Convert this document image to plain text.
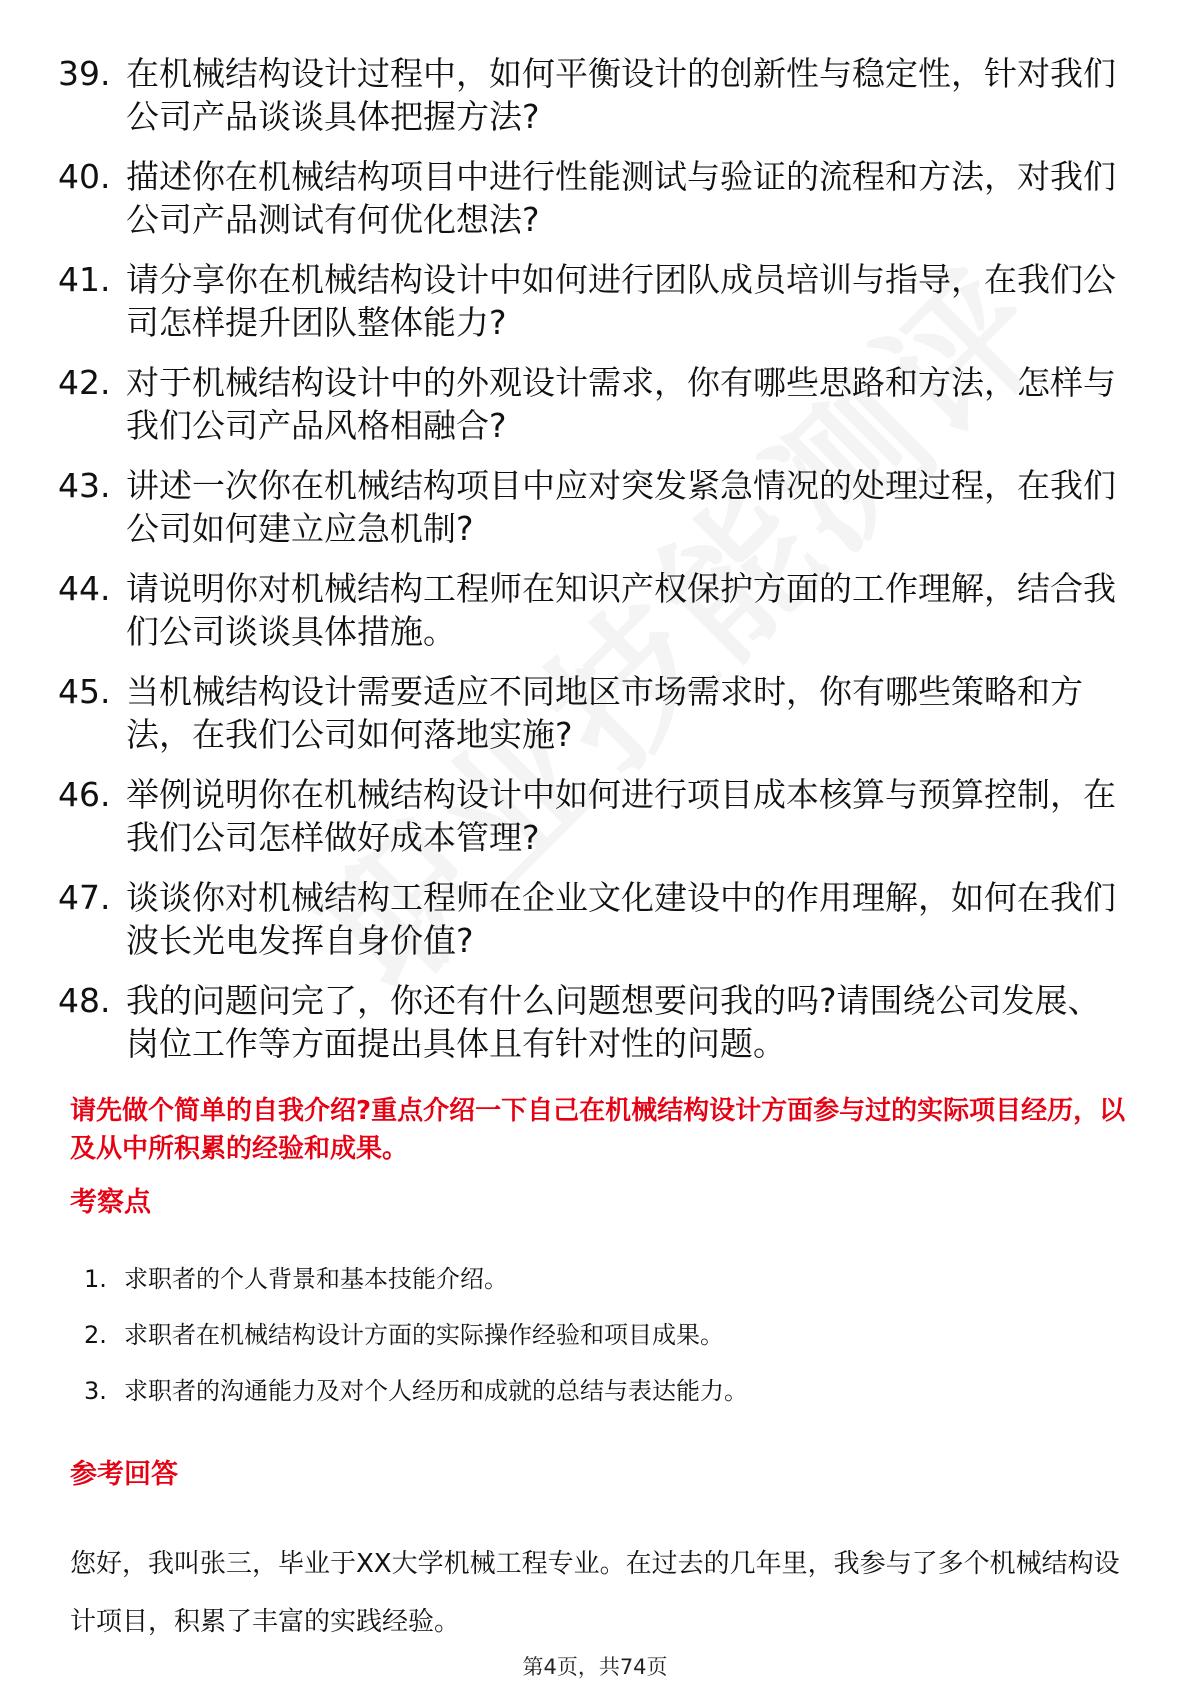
39. 在机械结构设计过程中，如何平衡设计的创新性与稳定性，针对我们公司产品谈谈具体把握方法?
40. 描述你在机械结构项目中进行性能测试与验证的流程和方法，对我们公司产品测试有何优化想法?
41. 请分享你在机械结构设计中如何进行团队成员培训与指导，在我们公司怎样提升团队整体能力?
42. 对于机械结构设计中的外观设计需求，你有哪些思路和方法，怎样与我们公司产品风格相融合?
43. 讲述一次你在机械结构项目中应对突发紧急情况的处理过程，在我们公司如何建立应急机制?
44. 请说明你对机械结构工程师在知识产权保护方面的工作理解，结合我们公司谈谈具体措施。
45. 当机械结构设计需要适应不同地区市场需求时，你有哪些策略和方法，在我们公司如何落地实施?
46. 举例说明你在机械结构设计中如何进行项目成本核算与预算控制，在我们公司怎样做好成本管理?
47. 谈谈你对机械结构工程师在企业文化建设中的作用理解，如何在我们波长光电发挥自身价值?
48. 我的问题问完了，你还有什么问题想要问我的吗?请围绕公司发展、岗位工作等方面提出具体且有针对性的问题。
请先做个简单的自我介绍?重点介绍一下自己在机械结构设计方面参与过的实际项目经历，以及从中所积累的经验和成果。
考察点
1. 求职者的个人背景和基本技能介绍。
2. 求职者在机械结构设计方面的实际操作经验和项目成果。
3. 求职者的沟通能力及对个人经历和成就的总结与表达能力。
参考回答
您好，我叫张三，毕业于XX大学机械工程专业。在过去的几年里，我参与了多个机械结构设计项目，积累了丰富的实践经验。
第4页，共74页
